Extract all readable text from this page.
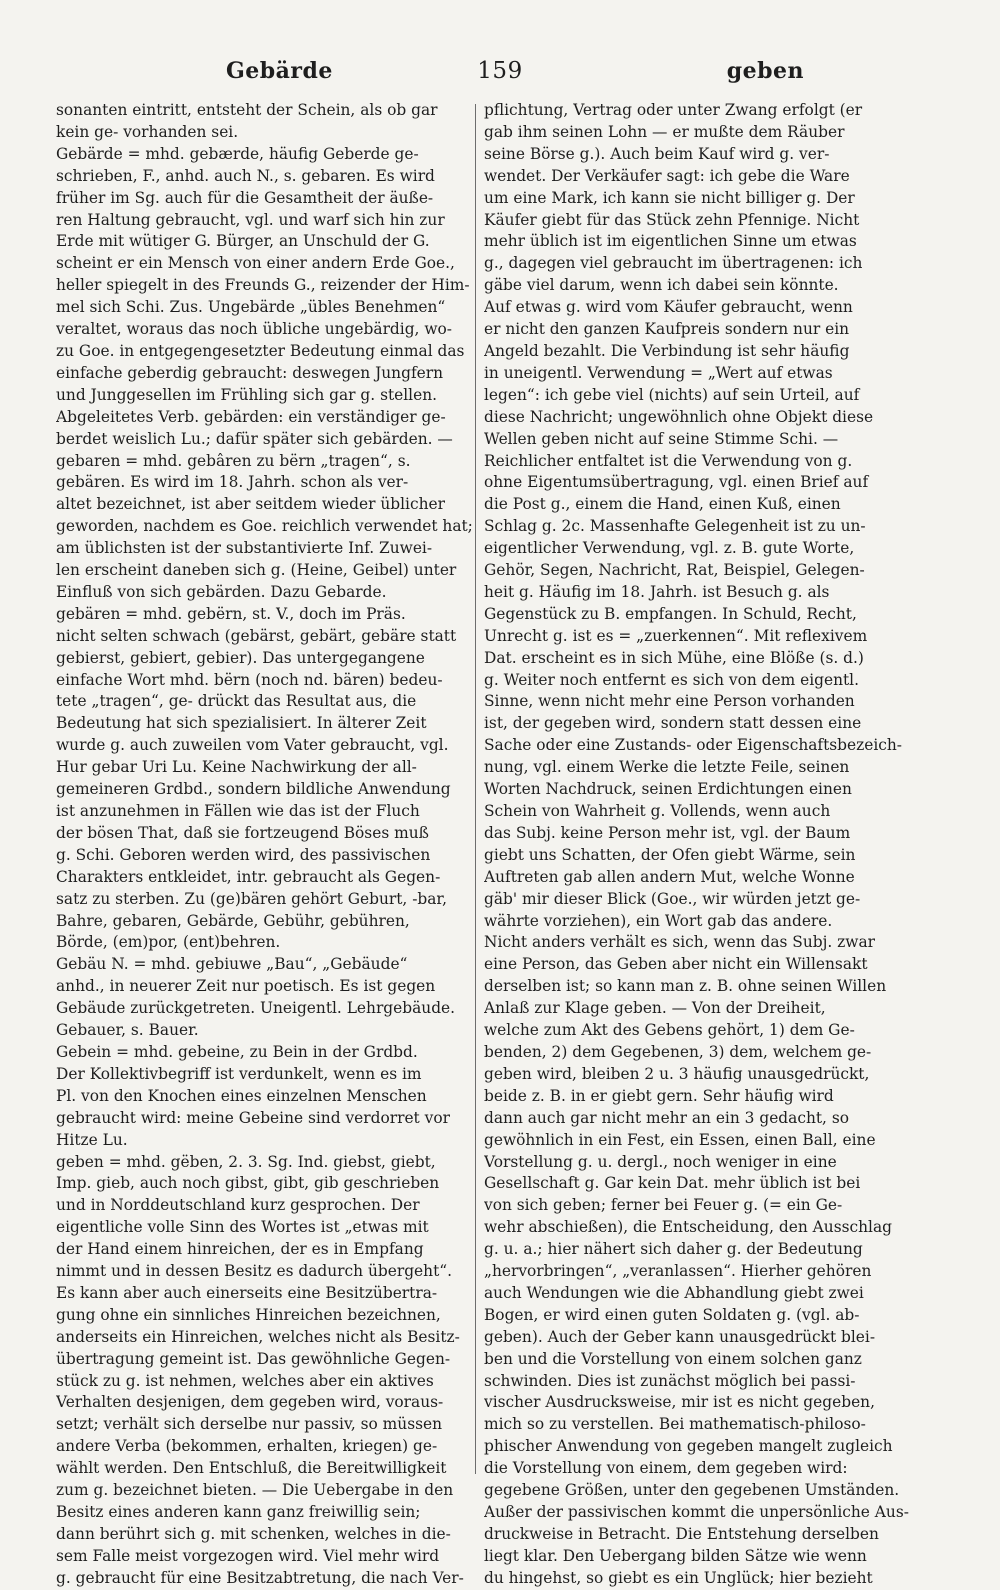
Gebärde	159	geben
sonanten eintritt, entsteht der Schein, als ob gar
kein ge- vorhanden sei.
Gebärde = mhd. gebærde, häufig Geberde ge-
schrieben, F., anhd. auch N., s. gebaren. Es wird
früher im Sg. auch für die Gesamtheit der äuße-
ren Haltung gebraucht, vgl. und warf sich hin zur
Erde mit wütiger G. Bürger, an Unschuld der G.
scheint er ein Mensch von einer andern Erde Goe.,
heller spiegelt in des Freunds G., reizender der Him-
mel sich Schi. Zus. Ungebärde „übles Benehmen“
veraltet, woraus das noch übliche ungebärdig, wo-
zu Goe. in entgegengesetzter Bedeutung einmal das
einfache geberdig gebraucht: deswegen Jungfern
und Junggesellen im Frühling sich gar g. stellen.
Abgeleitetes Verb. gebärden: ein verständiger ge-
berdet weislich Lu.; dafür später sich gebärden. —
gebaren = mhd. gebâren zu bërn „tragen“, s.
gebären. Es wird im 18. Jahrh. schon als ver-
altet bezeichnet, ist aber seitdem wieder üblicher
geworden, nachdem es Goe. reichlich verwendet hat;
am üblichsten ist der substantivierte Inf. Zuwei-
len erscheint daneben sich g. (Heine, Geibel) unter
Einfluß von sich gebärden. Dazu Gebarde.
gebären = mhd. gebërn, st. V., doch im Präs.
nicht selten schwach (gebärst, gebärt, gebäre statt
gebierst, gebiert, gebier). Das untergegangene
einfache Wort mhd. bërn (noch nd. bären) bedeu-
tete „tragen“, ge- drückt das Resultat aus, die
Bedeutung hat sich spezialisiert. In älterer Zeit
wurde g. auch zuweilen vom Vater gebraucht, vgl.
Hur gebar Uri Lu. Keine Nachwirkung der all-
gemeineren Grdbd., sondern bildliche Anwendung
ist anzunehmen in Fällen wie das ist der Fluch
der bösen That, daß sie fortzeugend Böses muß
g. Schi. Geboren werden wird, des passivischen
Charakters entkleidet, intr. gebraucht als Gegen-
satz zu sterben. Zu (ge)bären gehört Geburt, -bar,
Bahre, gebaren, Gebärde, Gebühr, gebühren,
Börde, (em)por, (ent)behren.
Gebäu N. = mhd. gebiuwe „Bau“, „Gebäude“
anhd., in neuerer Zeit nur poetisch. Es ist gegen
Gebäude zurückgetreten. Uneigentl. Lehrgebäude.
Gebauer, s. Bauer.
Gebein = mhd. gebeine, zu Bein in der Grdbd.
Der Kollektivbegriff ist verdunkelt, wenn es im
Pl. von den Knochen eines einzelnen Menschen
gebraucht wird: meine Gebeine sind verdorret vor
Hitze Lu.
geben = mhd. gëben, 2. 3. Sg. Ind. giebst, giebt,
Imp. gieb, auch noch gibst, gibt, gib geschrieben
und in Norddeutschland kurz gesprochen. Der
eigentliche volle Sinn des Wortes ist „etwas mit
der Hand einem hinreichen, der es in Empfang
nimmt und in dessen Besitz es dadurch übergeht“.
Es kann aber auch einerseits eine Besitzübertra-
gung ohne ein sinnliches Hinreichen bezeichnen,
anderseits ein Hinreichen, welches nicht als Besitz-
übertragung gemeint ist. Das gewöhnliche Gegen-
stück zu g. ist nehmen, welches aber ein aktives
Verhalten desjenigen, dem gegeben wird, voraus-
setzt; verhält sich derselbe nur passiv, so müssen
andere Verba (bekommen, erhalten, kriegen) ge-
wählt werden. Den Entschluß, die Bereitwilligkeit
zum g. bezeichnet bieten. — Die Uebergabe in den
Besitz eines anderen kann ganz freiwillig sein;
dann berührt sich g. mit schenken, welches in die-
sem Falle meist vorgezogen wird. Viel mehr wird
g. gebraucht für eine Besitzabtretung, die nach Ver-
pflichtung, Vertrag oder unter Zwang erfolgt (er
gab ihm seinen Lohn — er mußte dem Räuber
seine Börse g.). Auch beim Kauf wird g. ver-
wendet. Der Verkäufer sagt: ich gebe die Ware
um eine Mark, ich kann sie nicht billiger g. Der
Käufer giebt für das Stück zehn Pfennige. Nicht
mehr üblich ist im eigentlichen Sinne um etwas
g., dagegen viel gebraucht im übertragenen: ich
gäbe viel darum, wenn ich dabei sein könnte.
Auf etwas g. wird vom Käufer gebraucht, wenn
er nicht den ganzen Kaufpreis sondern nur ein
Angeld bezahlt. Die Verbindung ist sehr häufig
in uneigentl. Verwendung = „Wert auf etwas
legen“: ich gebe viel (nichts) auf sein Urteil, auf
diese Nachricht; ungewöhnlich ohne Objekt diese
Wellen geben nicht auf seine Stimme Schi. —
Reichlicher entfaltet ist die Verwendung von g.
ohne Eigentumsübertragung, vgl. einen Brief auf
die Post g., einem die Hand, einen Kuß, einen
Schlag g. 2c. Massenhafte Gelegenheit ist zu un-
eigentlicher Verwendung, vgl. z. B. gute Worte,
Gehör, Segen, Nachricht, Rat, Beispiel, Gelegen-
heit g. Häufig im 18. Jahrh. ist Besuch g. als
Gegenstück zu B. empfangen. In Schuld, Recht,
Unrecht g. ist es = „zuerkennen“. Mit reflexivem
Dat. erscheint es in sich Mühe, eine Blöße (s. d.)
g. Weiter noch entfernt es sich von dem eigentl.
Sinne, wenn nicht mehr eine Person vorhanden
ist, der gegeben wird, sondern statt dessen eine
Sache oder eine Zustands- oder Eigenschaftsbezeich-
nung, vgl. einem Werke die letzte Feile, seinen
Worten Nachdruck, seinen Erdichtungen einen
Schein von Wahrheit g. Vollends, wenn auch
das Subj. keine Person mehr ist, vgl. der Baum
giebt uns Schatten, der Ofen giebt Wärme, sein
Auftreten gab allen andern Mut, welche Wonne
gäb' mir dieser Blick (Goe., wir würden jetzt ge-
währte vorziehen), ein Wort gab das andere.
Nicht anders verhält es sich, wenn das Subj. zwar
eine Person, das Geben aber nicht ein Willensakt
derselben ist; so kann man z. B. ohne seinen Willen
Anlaß zur Klage geben. — Von der Dreiheit,
welche zum Akt des Gebens gehört, 1) dem Ge-
benden, 2) dem Gegebenen, 3) dem, welchem ge-
geben wird, bleiben 2 u. 3 häufig unausgedrückt,
beide z. B. in er giebt gern. Sehr häufig wird
dann auch gar nicht mehr an ein 3 gedacht, so
gewöhnlich in ein Fest, ein Essen, einen Ball, eine
Vorstellung g. u. dergl., noch weniger in eine
Gesellschaft g. Gar kein Dat. mehr üblich ist bei
von sich geben; ferner bei Feuer g. (= ein Ge-
wehr abschießen), die Entscheidung, den Ausschlag
g. u. a.; hier nähert sich daher g. der Bedeutung
„hervorbringen“, „veranlassen“. Hierher gehören
auch Wendungen wie die Abhandlung giebt zwei
Bogen, er wird einen guten Soldaten g. (vgl. ab-
geben). Auch der Geber kann unausgedrückt blei-
ben und die Vorstellung von einem solchen ganz
schwinden. Dies ist zunächst möglich bei passi-
vischer Ausdrucksweise, mir ist es nicht gegeben,
mich so zu verstellen. Bei mathematisch-philoso-
phischer Anwendung von gegeben mangelt zugleich
die Vorstellung von einem, dem gegeben wird:
gegebene Größen, unter den gegebenen Umständen.
Außer der passivischen kommt die unpersönliche Aus-
druckweise in Betracht. Die Entstehung derselben
liegt klar. Den Uebergang bilden Sätze wie wenn
du hingehst, so giebt es ein Unglück; hier bezieht
